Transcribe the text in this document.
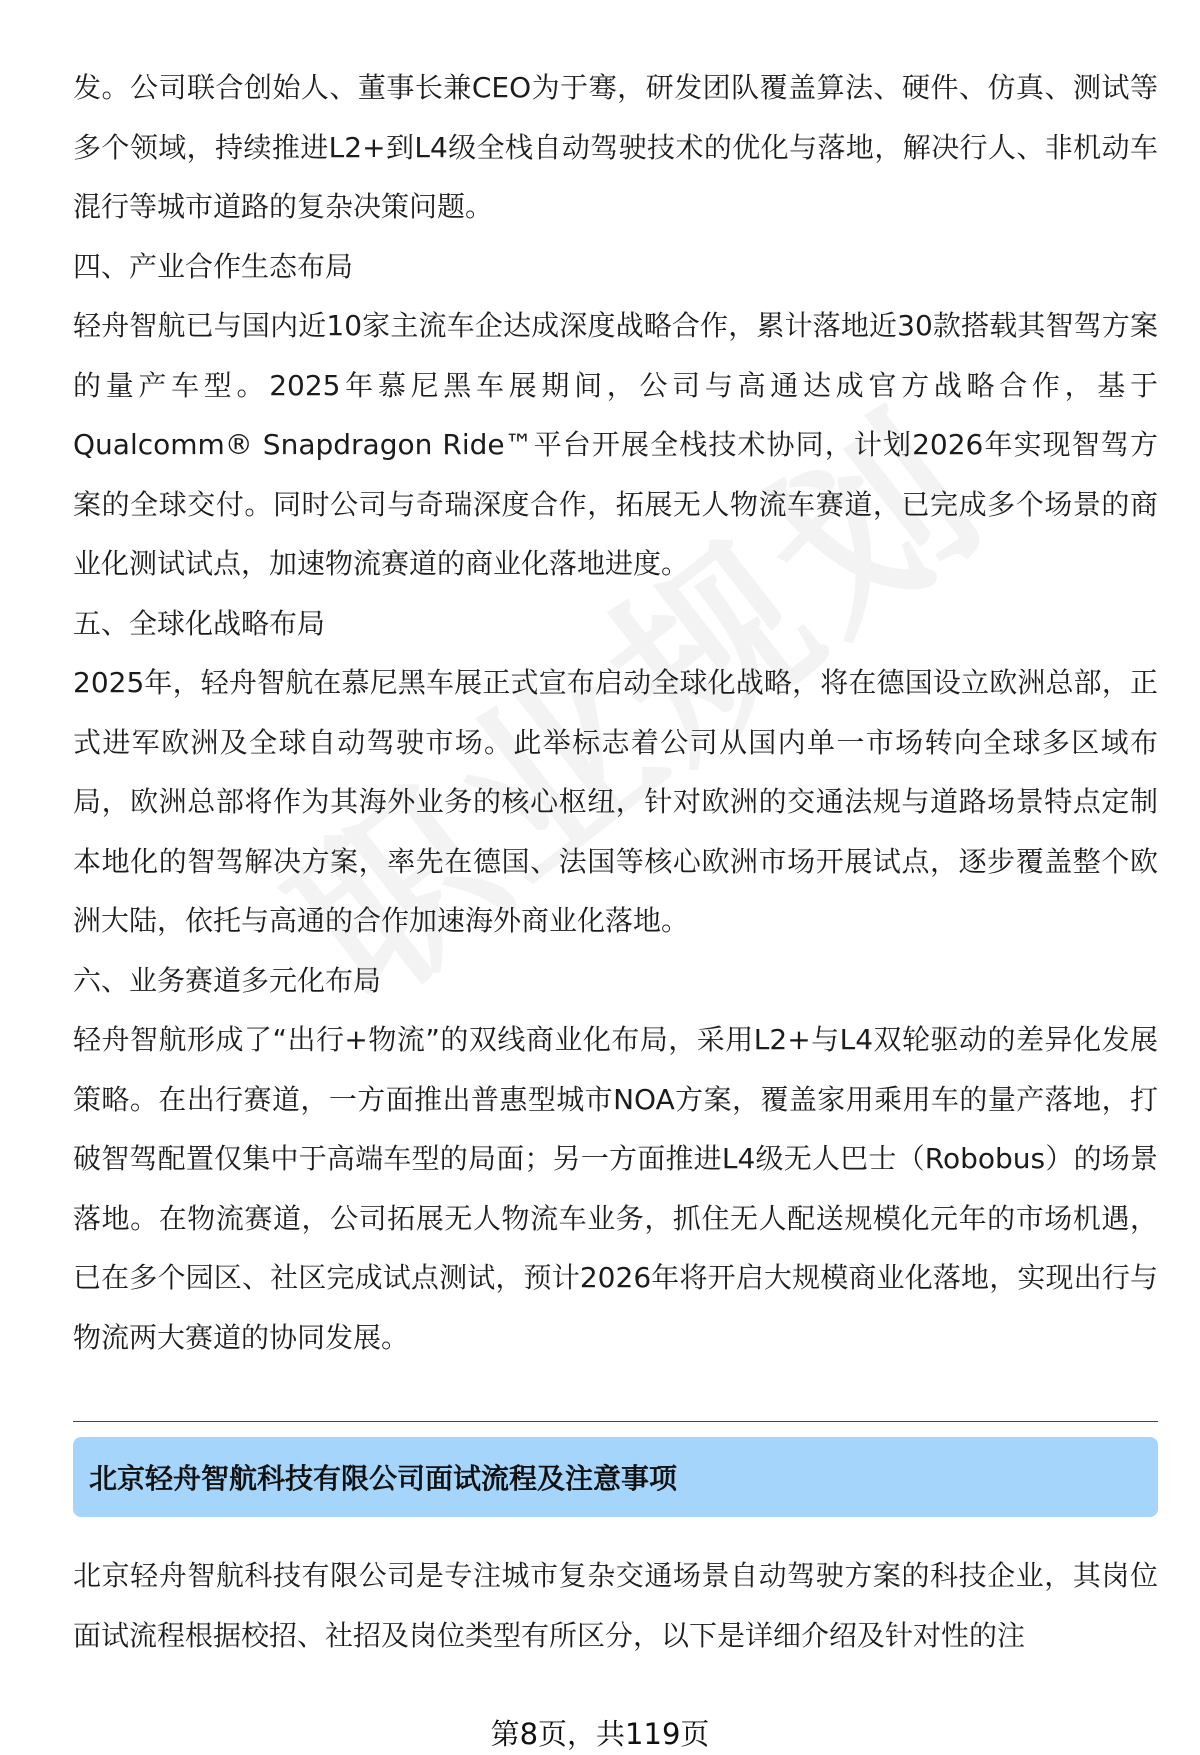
发。公司联合创始人、董事长兼CEO为于骞，研发团队覆盖算法、硬件、仿真、测试等多个领域，持续推进L2+到L4级全栈自动驾驶技术的优化与落地，解决行人、非机动车混行等城市道路的复杂决策问题。

四、产业合作生态布局

轻舟智航已与国内近10家主流车企达成深度战略合作，累计落地近30款搭载其智驾方案的量产车型。2025年慕尼黑车展期间，公司与高通达成官方战略合作，基于Qualcomm® Snapdragon Ride™平台开展全栈技术协同，计划2026年实现智驾方案的全球交付。同时公司与奇瑞深度合作，拓展无人物流车赛道，已完成多个场景的商业化测试试点，加速物流赛道的商业化落地进度。

五、全球化战略布局

2025年，轻舟智航在慕尼黑车展正式宣布启动全球化战略，将在德国设立欧洲总部，正式进军欧洲及全球自动驾驶市场。此举标志着公司从国内单一市场转向全球多区域布局，欧洲总部将作为其海外业务的核心枢纽，针对欧洲的交通法规与道路场景特点定制本地化的智驾解决方案，率先在德国、法国等核心欧洲市场开展试点，逐步覆盖整个欧洲大陆，依托与高通的合作加速海外商业化落地。

六、业务赛道多元化布局

轻舟智航形成了“出行+物流”的双线商业化布局，采用L2+与L4双轮驱动的差异化发展策略。在出行赛道，一方面推出普惠型城市NOA方案，覆盖家用乘用车的量产落地，打破智驾配置仅集中于高端车型的局面；另一方面推进L4级无人巴士（Robobus）的场景落地。在物流赛道，公司拓展无人物流车业务，抓住无人配送规模化元年的市场机遇，已在多个园区、社区完成试点测试，预计2026年将开启大规模商业化落地，实现出行与物流两大赛道的协同发展。

北京轻舟智航科技有限公司面试流程及注意事项

北京轻舟智航科技有限公司是专注城市复杂交通场景自动驾驶方案的科技企业，其岗位面试流程根据校招、社招及岗位类型有所区分，以下是详细介绍及针对性的注

第8页，共119页
